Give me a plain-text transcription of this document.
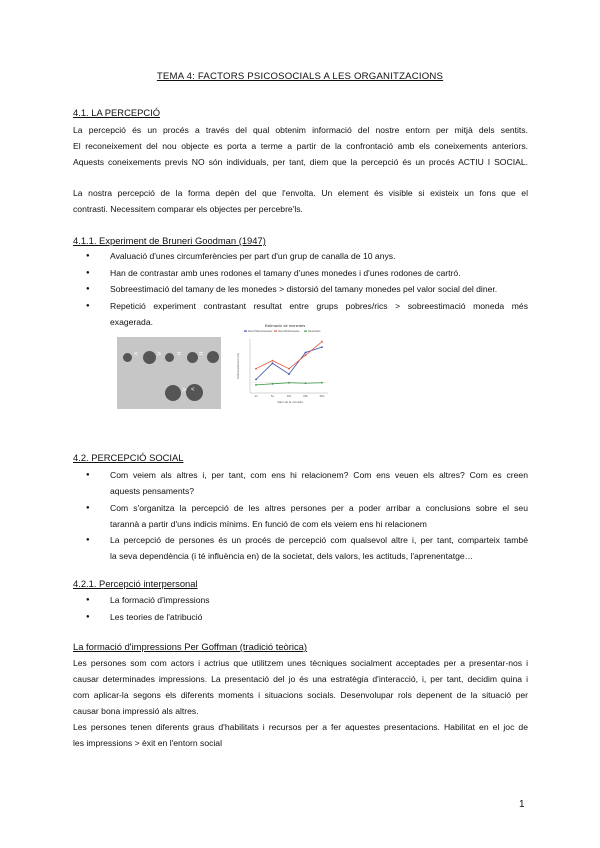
TEMA 4: FACTORS PSICOSOCIALS A LES ORGANITZACIONS
4.1. LA PERCEPCIÓ
La percepció és un procés a través del qual obtenim informació del nostre entorn per mitjà dels sentits.
El reconeixement del nou objecte es porta a terme a partir de la confrontació amb els coneixements anteriors.
Aquests coneixements previs NO són individuals, per tant, diem que la percepció és un procés ACTIU I SOCIAL.
La nostra percepció de la forma depèn del que l'envolta. Un element és visible si existeix un fons que el
contrasti. Necessitem comparar els objectes per percebre'ls.
4.1.1. Experiment de Bruneri Goodman (1947)
● Avaluació d'unes circumferències per part d'un grup de canalla de 10 anys.
● Han de contrastar amb unes rodones el tamany d'unes monedes i d'unes rodones de cartró.
● Sobreestimació del tamany de les monedes > distorsió del tamany monedes pel valor social del diner.
● Repetició experiment contrastant resultat entre grups pobres/rics > sobreestimació moneda més
exagerada.
<	> =	=
> <
Estimació de monedes
Nens Pobres/monedes	Nens Rics/monedes	Nens/cartró
Sobreestimació (%)
Valor de la moneda
1c	5c	10c	25c	50c
4.2. PERCEPCIÓ SOCIAL
● Com veiem als altres i, per tant, com ens hi relacionem? Com ens veuen els altres? Com es creen
aquests pensaments?
● Com s'organitza la percepció de les altres persones per a poder arribar a conclusions sobre el seu
tarannà a partir d'uns indicis mínims. En funció de com els veiem ens hi relacionem
● La percepció de persones és un procés de percepció com qualsevol altre i, per tant, comparteix també
la seva dependència (i té influència en) de la societat, dels valors, les actituds, l'aprenentatge…
4.2.1. Percepció interpersonal
● La formació d'impressions
● Les teories de l'atribució
La formació d'impressions Per Goffman (tradició teòrica)
Les persones som com actors i actrius que utilitzem unes tècniques socialment acceptades per a presentar-nos i
causar determinades impressions. La presentació del jo és una estratègia d'interacció, i, per tant, decidim quina i
com aplicar-la segons els diferents moments i situacions socials. Desenvolupar rols depenent de la situació per
causar bona impressió als altres.
Les persones tenen diferents graus d'habilitats i recursos per a fer aquestes presentacions. Habilitat en el joc de
les impressions > èxit en l'entorn social
1
